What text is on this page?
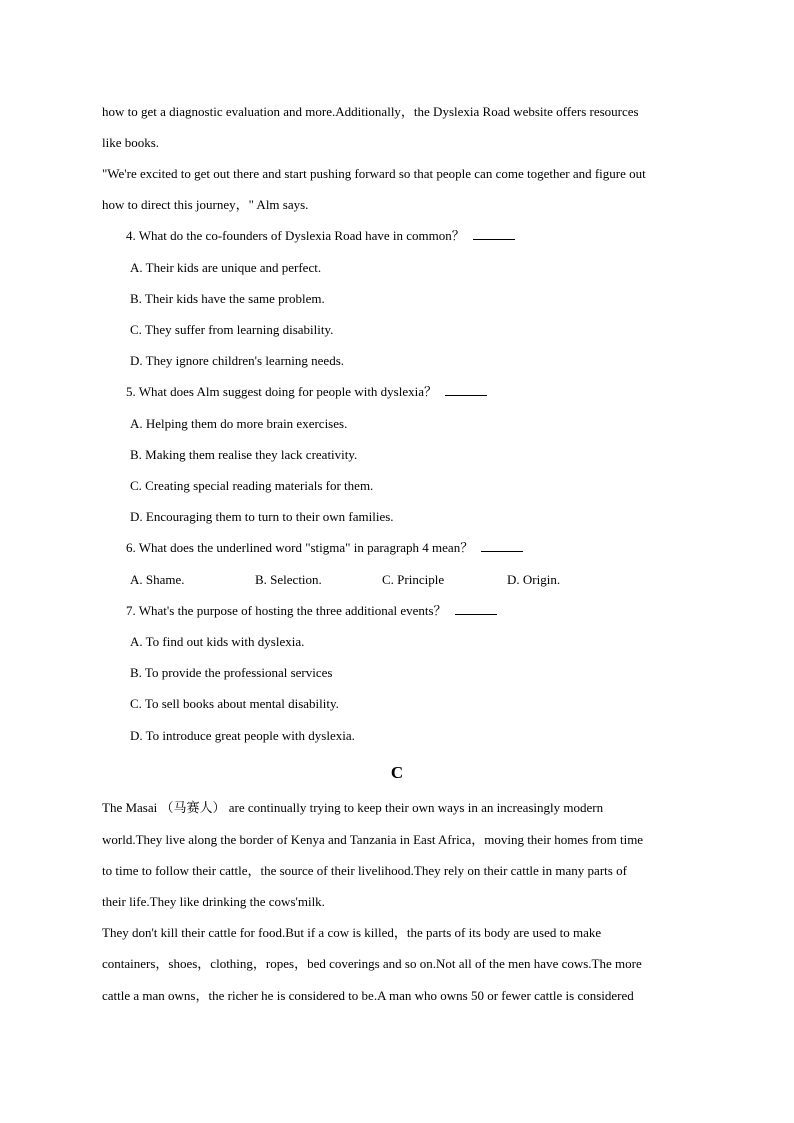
how to get a diagnostic evaluation and more.Additionally，the Dyslexia Road website offers resources
like books.
"We're excited to get out there and start pushing forward so that people can come together and figure out
how to direct this journey，" Alm says.
4. What do the co-founders of Dyslexia Road have in common？
A. Their kids are unique and perfect.
B. Their kids have the same problem.
C. They suffer from learning disability.
D. They ignore children's learning needs.
5. What does Alm suggest doing for people with dyslexia？
A. Helping them do more brain exercises.
B. Making them realise they lack creativity.
C. Creating special reading materials for them.
D. Encouraging them to turn to their own families.
6. What does the underlined word "stigma" in paragraph 4 mean？
A. Shame.	B. Selection.	C. Principle	D. Origin.
7. What's the purpose of hosting the three additional events？
A. To find out kids with dyslexia.
B. To provide the professional services
C. To sell books about mental disability.
D. To introduce great people with dyslexia.
C
The Masai （马赛人） are continually trying to keep their own ways in an increasingly modern
world.They live along the border of Kenya and Tanzania in East Africa，moving their homes from time
to time to follow their cattle，the source of their livelihood.They rely on their cattle in many parts of
their life.They like drinking the cows'milk.
They don't kill their cattle for food.But if a cow is killed，the parts of its body are used to make
containers，shoes，clothing，ropes，bed coverings and so on.Not all of the men have cows.The more
cattle a man owns，the richer he is considered to be.A man who owns 50 or fewer cattle is considered
